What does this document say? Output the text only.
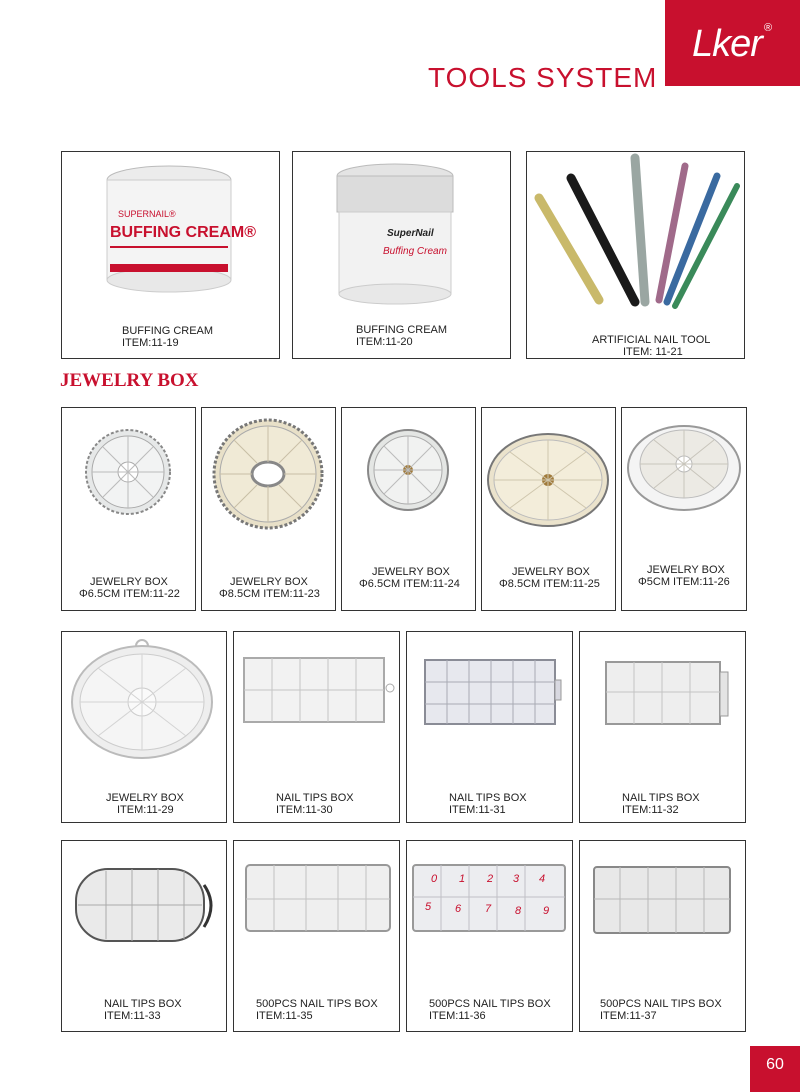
Lker ®
TOOLS SYSTEM
SUPERNAIL®
BUFFING CREAM®
BUFFING CREAM
ITEM:11-19
SuperNail
Buffing Cream
BUFFING CREAM
ITEM:11-20	ARTIFICIAL NAIL TOOL
ITEM: 11-21
JEWELRY BOX
JEWELRY BOX
Φ6.5CM ITEM:11-22
JEWELRY BOX
Φ8.5CM ITEM:11-23
JEWELRY BOX
Φ6.5CM ITEM:11-24
JEWELRY BOX
Φ8.5CM ITEM:11-25
JEWELRY BOX
Φ5CM ITEM:11-26
JEWELRY BOX
ITEM:11-29
NAIL TIPS BOX
ITEM:11-30
NAIL TIPS BOX
ITEM:11-31
NAIL TIPS BOX
ITEM:11-32
NAIL TIPS BOX
ITEM:11-33
500PCS NAIL TIPS BOX
ITEM:11-35
0 1 2 3 4
5 6 7 8 9
500PCS NAIL TIPS BOX
ITEM:11-36
500PCS NAIL TIPS BOX
ITEM:11-37
60
